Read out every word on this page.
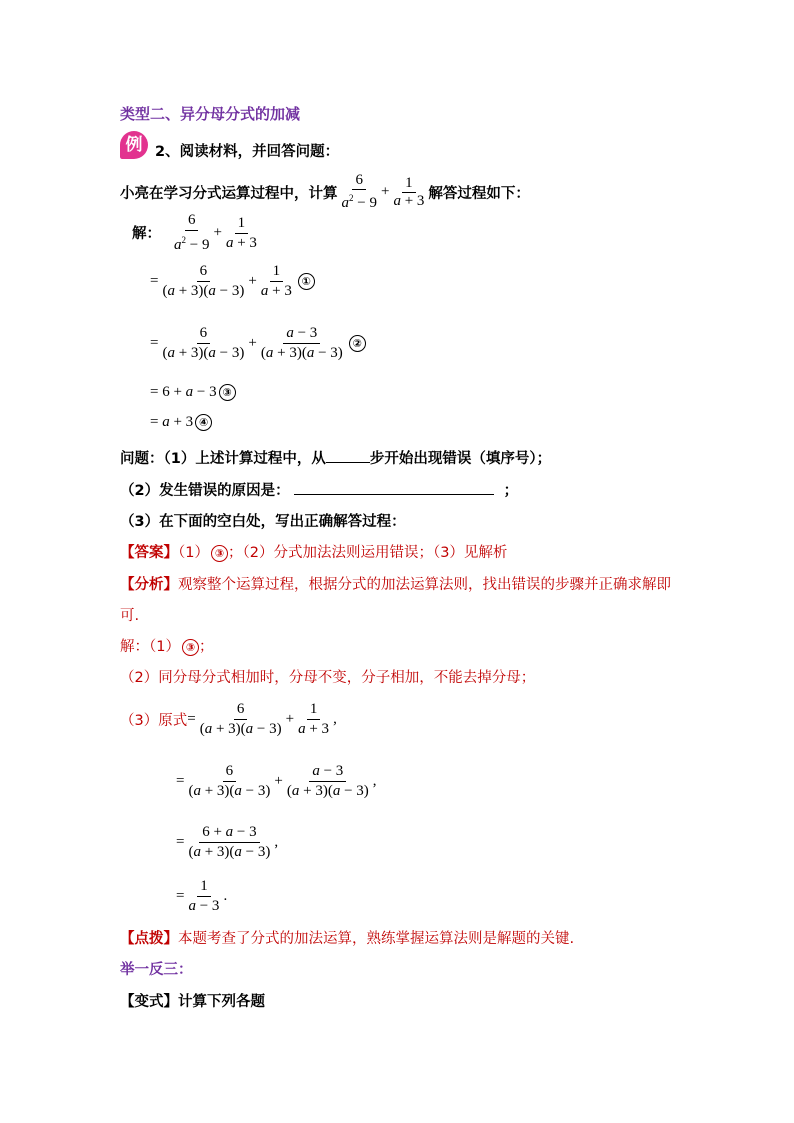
类型二、异分母分式的加减
例 2、阅读材料，并回答问题：
小亮在学习分式运算过程中，计算 $\frac{6}{a^2 - 9} + \frac{1}{a + 3}$ 解答过程如下：
解： $\frac{6}{a^2 - 9} + \frac{1}{a + 3}$
= $\frac{6}{(a + 3)(a - 3)} + \frac{1}{a + 3}$ ①
= $\frac{6}{(a + 3)(a - 3)} + \frac{a - 3}{(a + 3)(a - 3)}$ ②
= 6 + a − 3 ③
= a + 3 ④
问题：（1）上述计算过程中，从	步开始出现错误（填序号）；
（2）发生错误的原因是：	；
（3）在下面的空白处，写出正确解答过程：
【答案】（1） ③ ；（2）分式加法法则运用错误；（3）见解析
【分析】观察整个运算过程，根据分式的加法运算法则，找出错误的步骤并正确求解即
可.
解：（1） ③ ；
（2）同分母分式相加时，分母不变，分子相加，不能去掉分母；
（3）原式 = $\frac{6}{(a + 3)(a - 3)} + \frac{1}{a + 3}$ ,
= $\frac{6}{(a + 3)(a - 3)} + \frac{a - 3}{(a + 3)(a - 3)}$ ,
= $\frac{6 + a - 3}{(a + 3)(a - 3)}$ ,
= $\frac{1}{a - 3}$ .
【点拨】本题考查了分式的加法运算，熟练掌握运算法则是解题的关键.
举一反三：
【变式】计算下列各题
